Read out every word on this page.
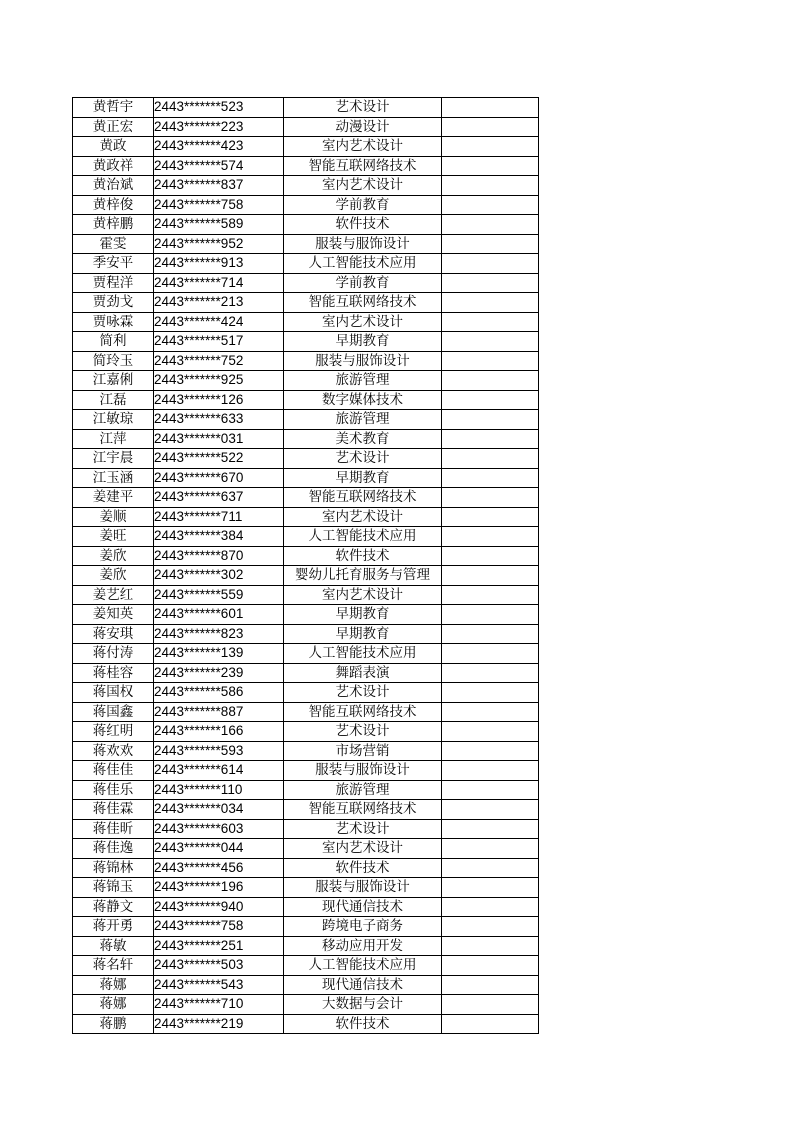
黄哲宇	2443*******523	艺术设计	
黄正宏	2443*******223	动漫设计	
黄政	2443*******423	室内艺术设计	
黄政祥	2443*******574	智能互联网络技术	
黄治斌	2443*******837	室内艺术设计	
黄梓俊	2443*******758	学前教育	
黄梓鹏	2443*******589	软件技术	
霍雯	2443*******952	服装与服饰设计	
季安平	2443*******913	人工智能技术应用	
贾程洋	2443*******714	学前教育	
贾劲戈	2443*******213	智能互联网络技术	
贾咏霖	2443*******424	室内艺术设计	
简利	2443*******517	早期教育	
简玲玉	2443*******752	服装与服饰设计	
江嘉俐	2443*******925	旅游管理	
江磊	2443*******126	数字媒体技术	
江敏琼	2443*******633	旅游管理	
江萍	2443*******031	美术教育	
江宇晨	2443*******522	艺术设计	
江玉涵	2443*******670	早期教育	
姜建平	2443*******637	智能互联网络技术	
姜顺	2443*******711	室内艺术设计	
姜旺	2443*******384	人工智能技术应用	
姜欣	2443*******870	软件技术	
姜欣	2443*******302	婴幼儿托育服务与管理	
姜艺红	2443*******559	室内艺术设计	
姜知英	2443*******601	早期教育	
蒋安琪	2443*******823	早期教育	
蒋付涛	2443*******139	人工智能技术应用	
蒋桂容	2443*******239	舞蹈表演	
蒋国权	2443*******586	艺术设计	
蒋国鑫	2443*******887	智能互联网络技术	
蒋红明	2443*******166	艺术设计	
蒋欢欢	2443*******593	市场营销	
蒋佳佳	2443*******614	服装与服饰设计	
蒋佳乐	2443*******110	旅游管理	
蒋佳霖	2443*******034	智能互联网络技术	
蒋佳昕	2443*******603	艺术设计	
蒋佳逸	2443*******044	室内艺术设计	
蒋锦林	2443*******456	软件技术	
蒋锦玉	2443*******196	服装与服饰设计	
蒋静文	2443*******940	现代通信技术	
蒋开勇	2443*******758	跨境电子商务	
蒋敏	2443*******251	移动应用开发	
蒋名轩	2443*******503	人工智能技术应用	
蒋娜	2443*******543	现代通信技术	
蒋娜	2443*******710	大数据与会计	
蒋鹏	2443*******219	软件技术	
